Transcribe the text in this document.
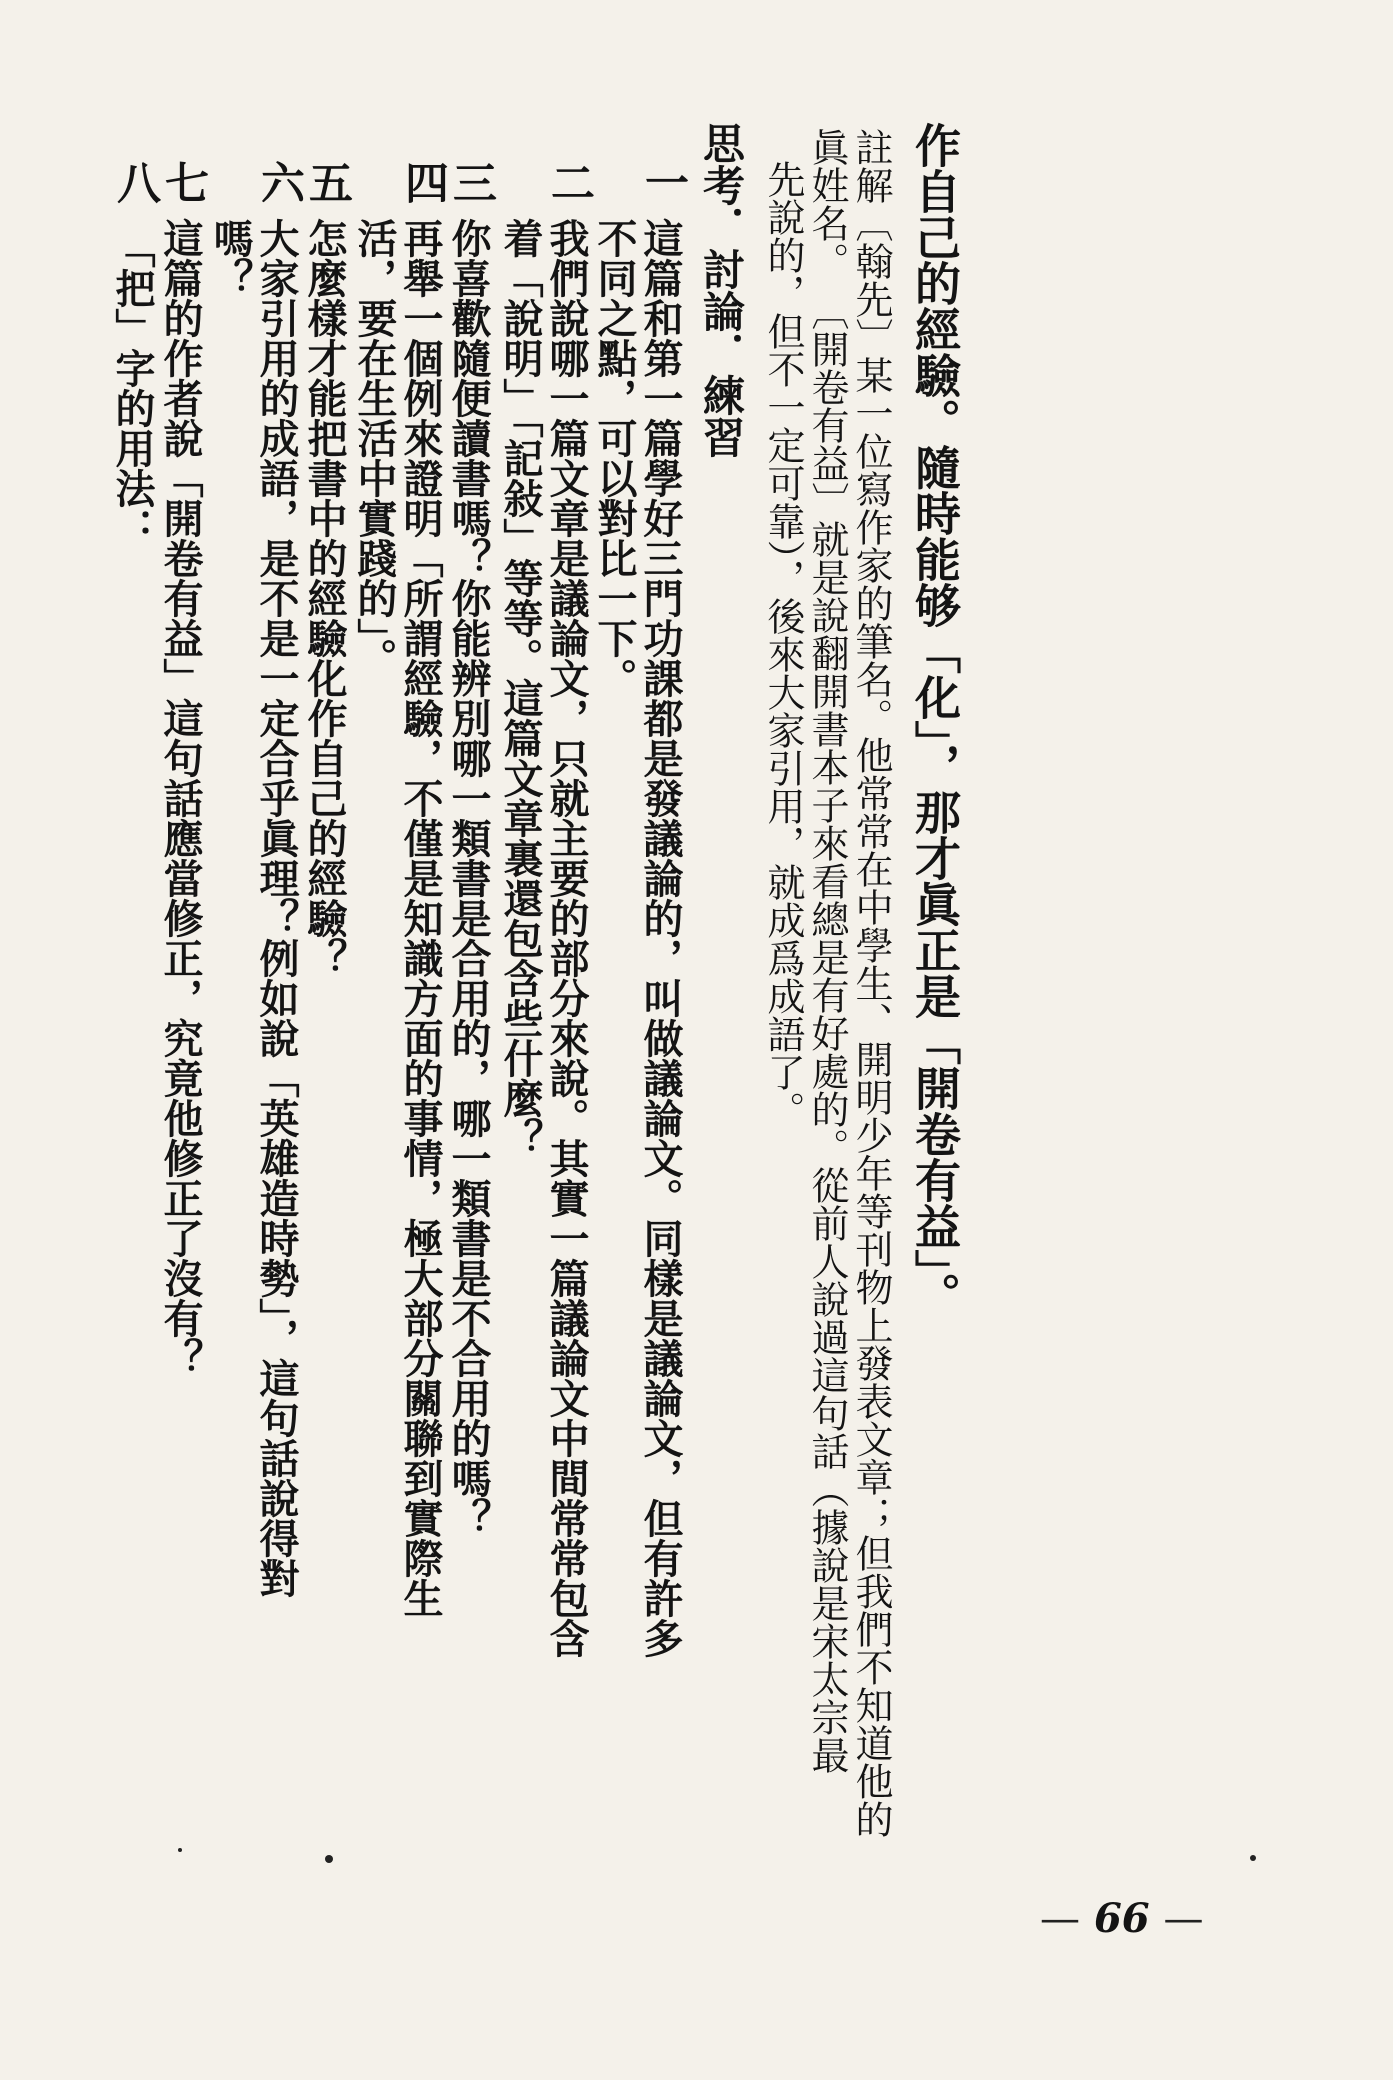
作自己的經驗。隨時能够「化」，那才眞正是「開卷有益」。
註解〔翰先〕某一位寫作家的筆名。他常常在中學生、開明少年等刊物上發表文章；但我們不知道他的
眞姓名。 〔開卷有益〕就是說翻開書本子來看總是有好處的。從前人說過這句話（據說是宋太宗最
先說的，但不一定可靠），後來大家引用，就成爲成語了。
思考．討論．練習
一
這篇和第一篇學好三門功課都是發議論的，叫做議論文。同樣是議論文，但有許多
不同之點，可以對比一下。
二
我們說哪一篇文章是議論文，只就主要的部分來說。其實一篇議論文中間常常包含
着「說明」「記敍」等等。這篇文章裏還包含些什麼？
三
你喜歡隨便讀書嗎？你能辨別哪一類書是合用的，哪一類書是不合用的嗎？
四
再舉一個例來證明「所謂經驗，不僅是知識方面的事情，極大部分關聯到實際生
活，要在生活中實踐的」。
五
怎麼樣才能把書中的經驗化作自己的經驗？
六
大家引用的成語，是不是一定合乎眞理？例如說「英雄造時勢」，這句話說得對
嗎？
七
這篇的作者說「開卷有益」這句話應當修正，究竟他修正了沒有？
八
「把」字的用法：
— 66 —
